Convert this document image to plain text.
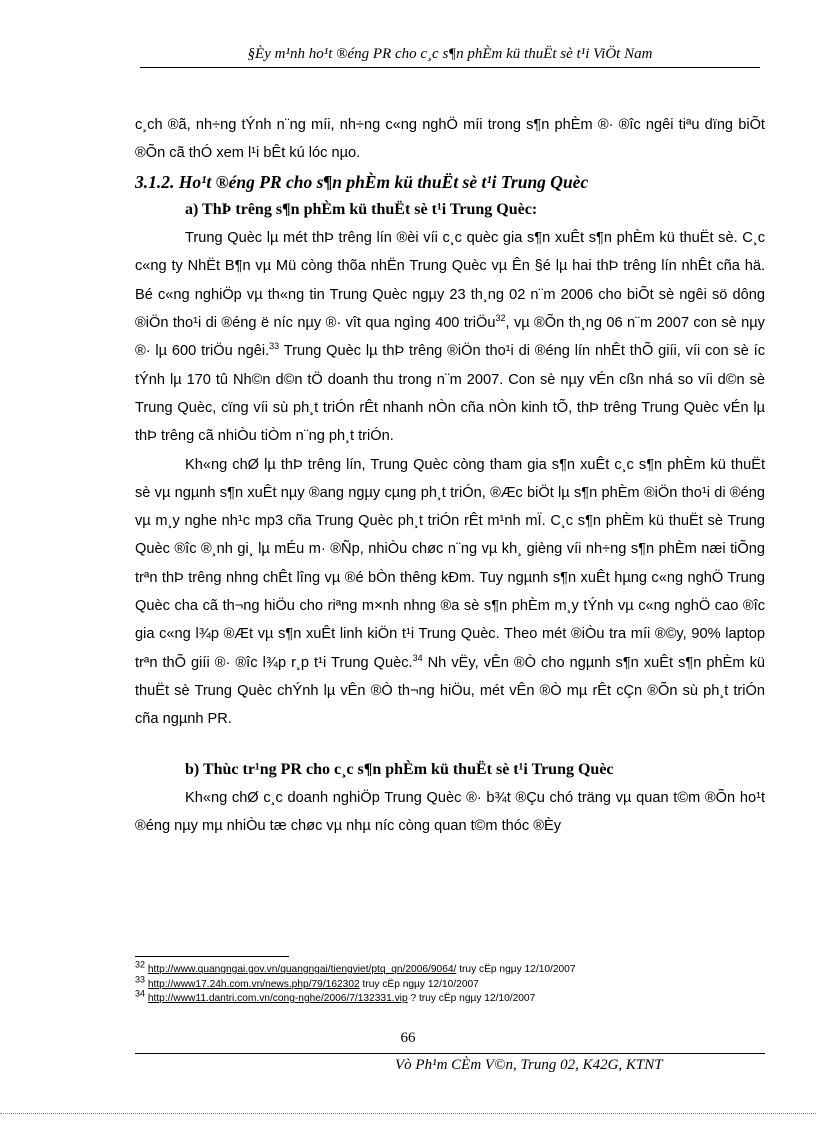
§Èy m¹nh ho¹t ®éng PR cho c¸c s¶n phÈm kü thuËt sè t¹i ViÖt Nam

c¸ch ®ã, nh÷ng tÝnh n¨ng míi, nh÷ng c«ng nghÖ míi trong s¶n phÈm ®· ®îc ngêi tiªu dïng biÕt ®Õn cã thÓ xem l¹i bÊt kú lóc nµo.

3.1.2. Ho¹t ®éng PR cho s¶n phÈm kü thuËt sè t¹i Trung Quèc
a) ThÞ trêng s¶n phÈm kü thuËt sè t¹i Trung Quèc:

Trung Quèc lµ mét thÞ trêng lín ®èi víi c¸c quèc gia s¶n xuÊt s¶n phÈm kü thuËt sè. C¸c c«ng ty NhËt B¶n vµ Mü còng thõa nhËn Trung Quèc vµ Ên §é lµ hai thÞ trêng lín nhÊt cña hä. Bé c«ng nghiÖp vµ th«ng tin Trung Quèc ngµy 23 th¸ng 02 n¨m 2006 cho biÕt sè ngêi sö dông ®iÖn tho¹i di ®éng ë níc nµy ®· vît qua ngìng 400 triÖu$^{32}$, vµ ®Õn th¸ng 06 n¨m 2007 con sè nµy ®· lµ 600 triÖu ngêi.$^{33}$ Trung Quèc lµ thÞ trêng ®iÖn tho¹i di ®éng lín nhÊt thÕ giíi, víi con sè íc tÝnh lµ 170 tû Nh©n d©n tÖ doanh thu trong n¨m 2007. Con sè nµy vÉn cßn nhá so víi d©n sè Trung Quèc, cïng víi sù ph¸t triÓn rÊt nhanh nÒn cña nÒn kinh tÕ, thÞ trêng Trung Quèc vÉn lµ thÞ trêng cã nhiÒu tiÒm n¨ng ph¸t triÓn.

Kh«ng chØ lµ thÞ trêng lín, Trung Quèc còng tham gia s¶n xuÊt c¸c s¶n phÈm kü thuËt sè vµ ngµnh s¶n xuÊt nµy ®ang ngµy cµng ph¸t triÓn, ®Æc biÖt lµ s¶n phÈm ®iÖn tho¹i di ®éng vµ m¸y nghe nh¹c mp3 cña Trung Quèc ph¸t triÓn rÊt m¹nh mÏ. C¸c s¶n phÈm kü thuËt sè Trung Quèc ®îc ®¸nh gi¸ lµ mÉu m· ®Ñp, nhiÒu chøc n¨ng vµ kh¸ gièng víi nh÷ng s¶n phÈm næi tiÕng trªn thÞ trêng nhng chÊt lîng vµ ®é bÒn thêng kÐm. Tuy ngµnh s¶n xuÊt hµng c«ng nghÖ Trung Quèc cha cã th¬ng hiÖu cho riªng m×nh nhng ®a sè s¶n phÈm m¸y tÝnh vµ c«ng nghÖ cao ®îc gia c«ng l¾p ®Æt vµ s¶n xuÊt linh kiÖn t¹i Trung Quèc. Theo mét ®iÒu tra míi ®©y, 90% laptop trªn thÕ giíi ®· ®îc l¾p r¸p t¹i Trung Quèc.$^{34}$ Nh vËy, vÊn ®Ò cho ngµnh s¶n xuÊt s¶n phÈm kü thuËt sè Trung Quèc chÝnh lµ vÊn ®Ò th¬ng hiÖu, mét vÊn ®Ò mµ rÊt cÇn ®Õn sù ph¸t triÓn cña ngµnh PR.

b) Thùc tr¹ng PR cho c¸c s¶n phÈm kü thuËt sè t¹i Trung Quèc

Kh«ng chØ c¸c doanh nghiÖp Trung Quèc ®· b¾t ®Çu chó träng vµ quan t©m ®Õn ho¹t ®éng nµy mµ nhiÒu tæ chøc vµ nhµ níc còng quan t©m thóc ®Èy

$^{32}$ http://www.quangngai.gov.vn/quangngai/tiengviet/ptq_qn/2006/9064/ truy cËp ngµy 12/10/2007
$^{33}$ http://www17.24h.com.vn/news.php/79/162302 truy cËp ngµy 12/10/2007
$^{34}$ http://www11.dantri.com.vn/cong-nghe/2006/7/132331.vip ? truy cËp ngµy 12/10/2007
66
Vò Ph¹m CÈm V©n, Trung 02, K42G, KTNT
